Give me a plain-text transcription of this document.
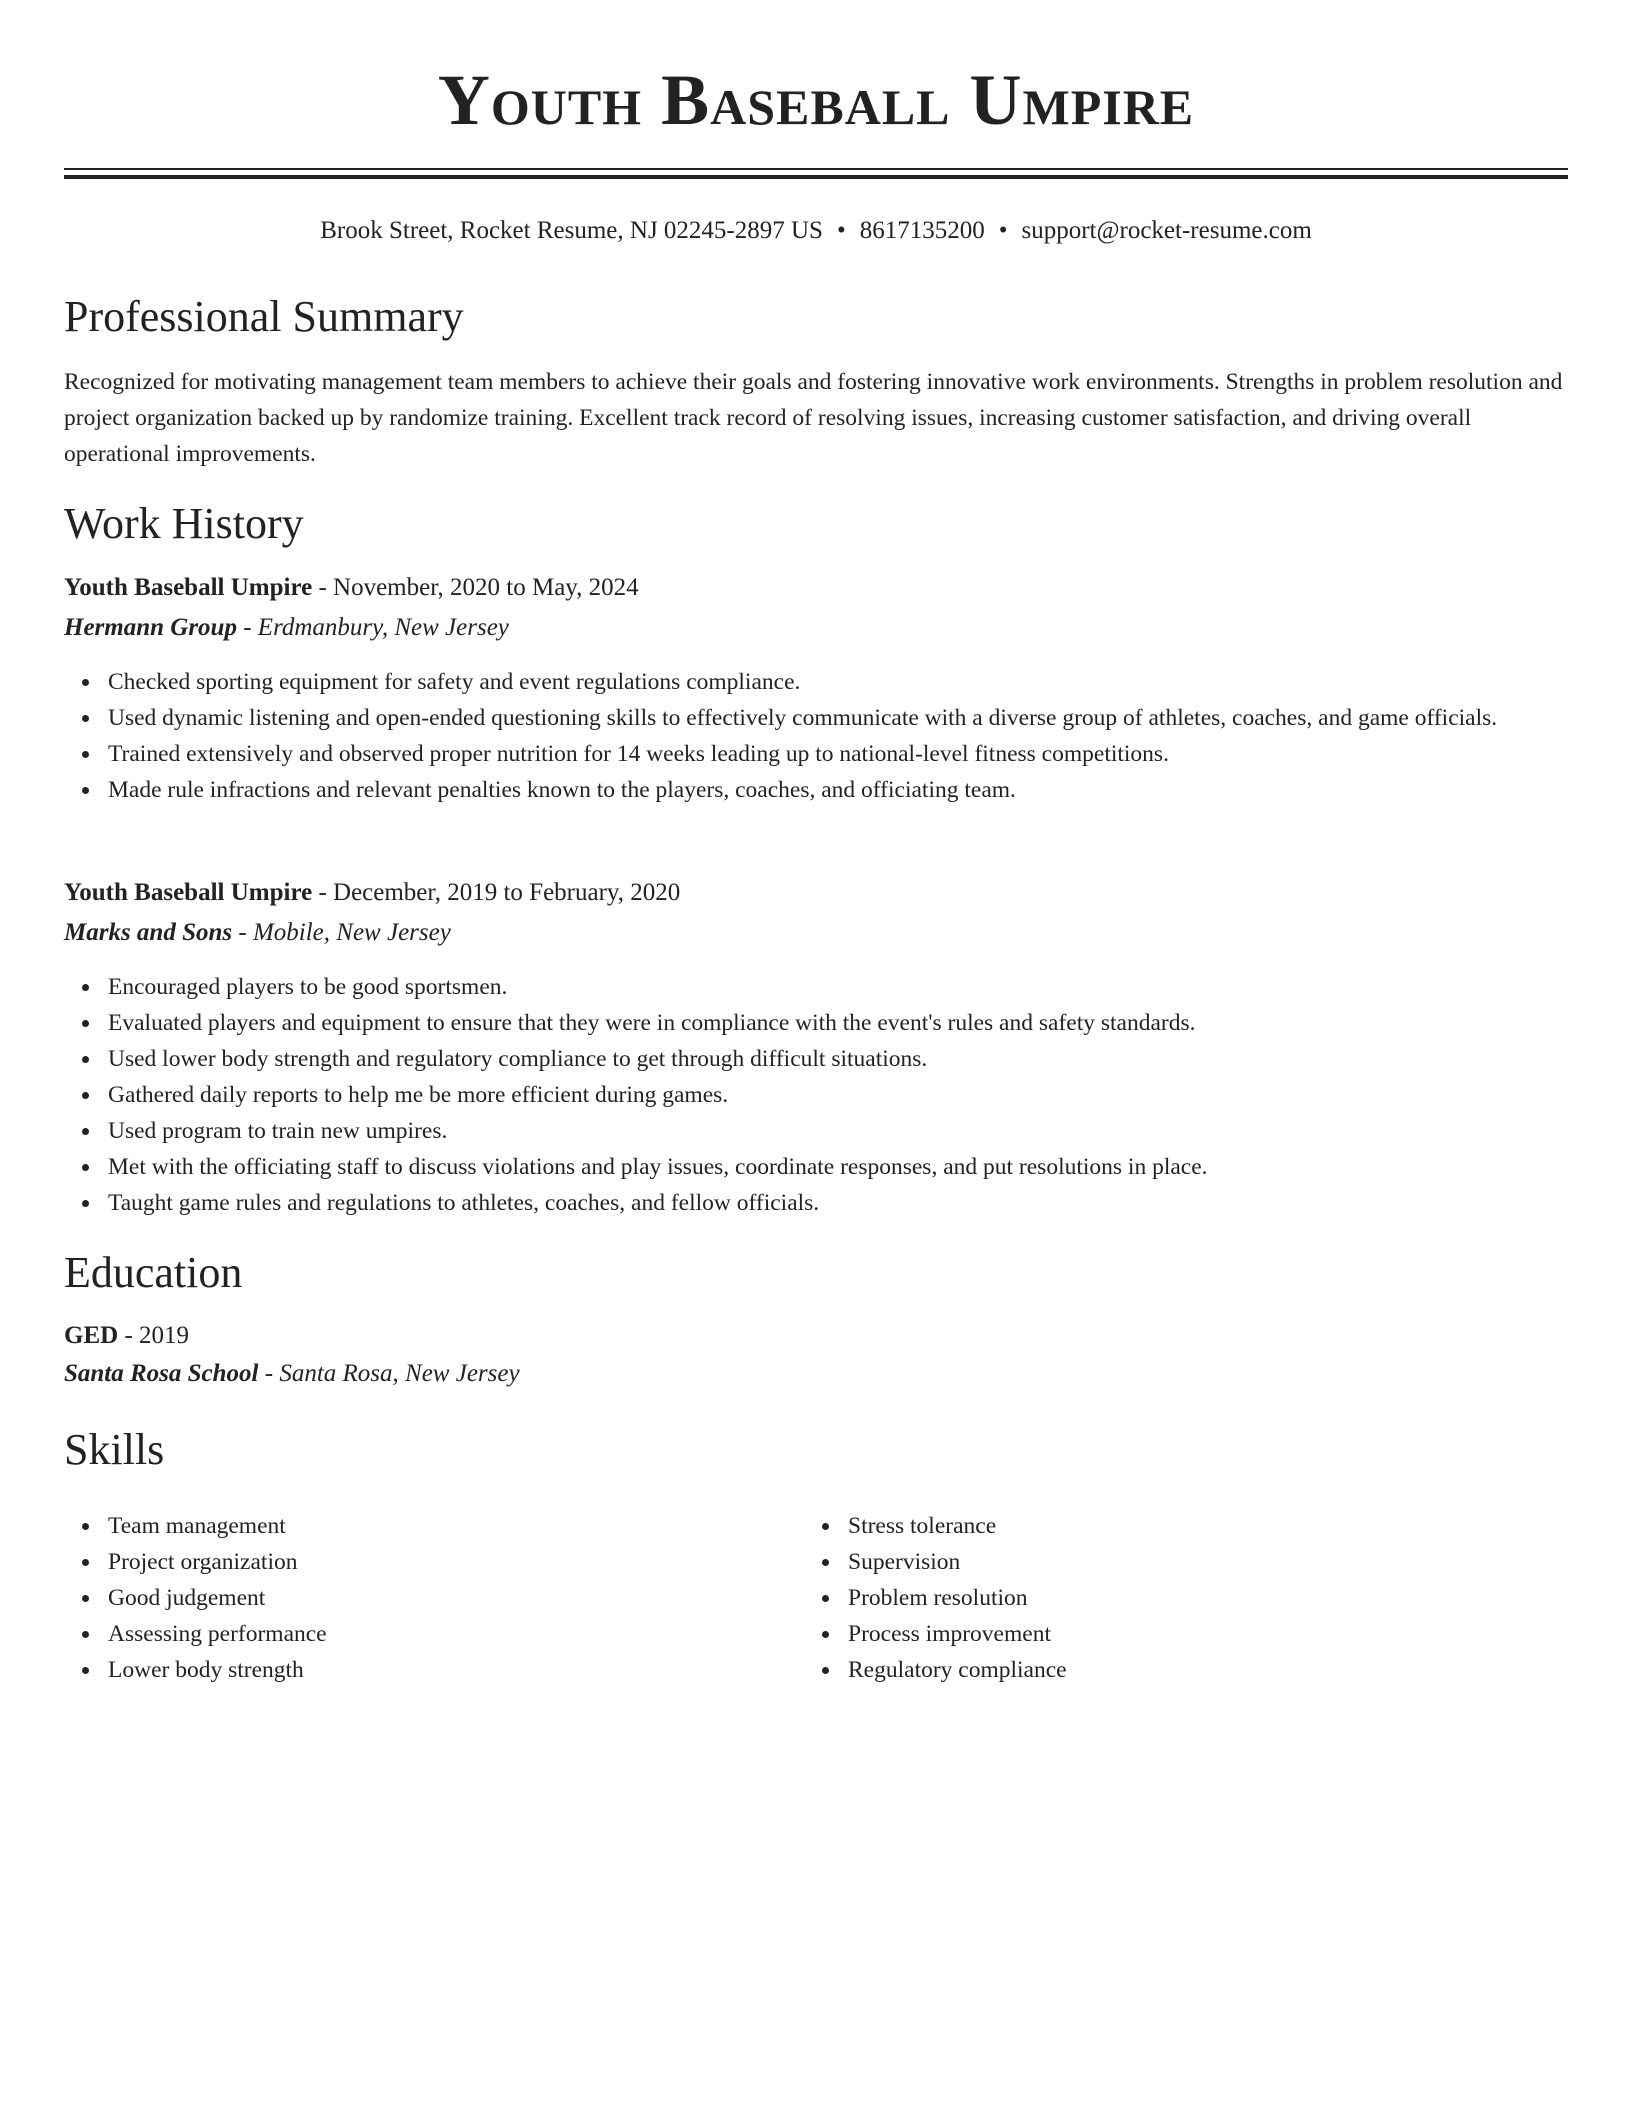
Youth Baseball Umpire
Brook Street, Rocket Resume, NJ 02245-2897 US • 8617135200 • support@rocket-resume.com
Professional Summary
Recognized for motivating management team members to achieve their goals and fostering innovative work environments. Strengths in problem resolution and project organization backed up by randomize training. Excellent track record of resolving issues, increasing customer satisfaction, and driving overall operational improvements.
Work History
Youth Baseball Umpire - November, 2020 to May, 2024
Hermann Group - Erdmanbury, New Jersey
Checked sporting equipment for safety and event regulations compliance.
Used dynamic listening and open-ended questioning skills to effectively communicate with a diverse group of athletes, coaches, and game officials.
Trained extensively and observed proper nutrition for 14 weeks leading up to national-level fitness competitions.
Made rule infractions and relevant penalties known to the players, coaches, and officiating team.
Youth Baseball Umpire - December, 2019 to February, 2020
Marks and Sons - Mobile, New Jersey
Encouraged players to be good sportsmen.
Evaluated players and equipment to ensure that they were in compliance with the event's rules and safety standards.
Used lower body strength and regulatory compliance to get through difficult situations.
Gathered daily reports to help me be more efficient during games.
Used program to train new umpires.
Met with the officiating staff to discuss violations and play issues, coordinate responses, and put resolutions in place.
Taught game rules and regulations to athletes, coaches, and fellow officials.
Education
GED - 2019
Santa Rosa School - Santa Rosa, New Jersey
Skills
Team management
Project organization
Good judgement
Assessing performance
Lower body strength
Stress tolerance
Supervision
Problem resolution
Process improvement
Regulatory compliance
